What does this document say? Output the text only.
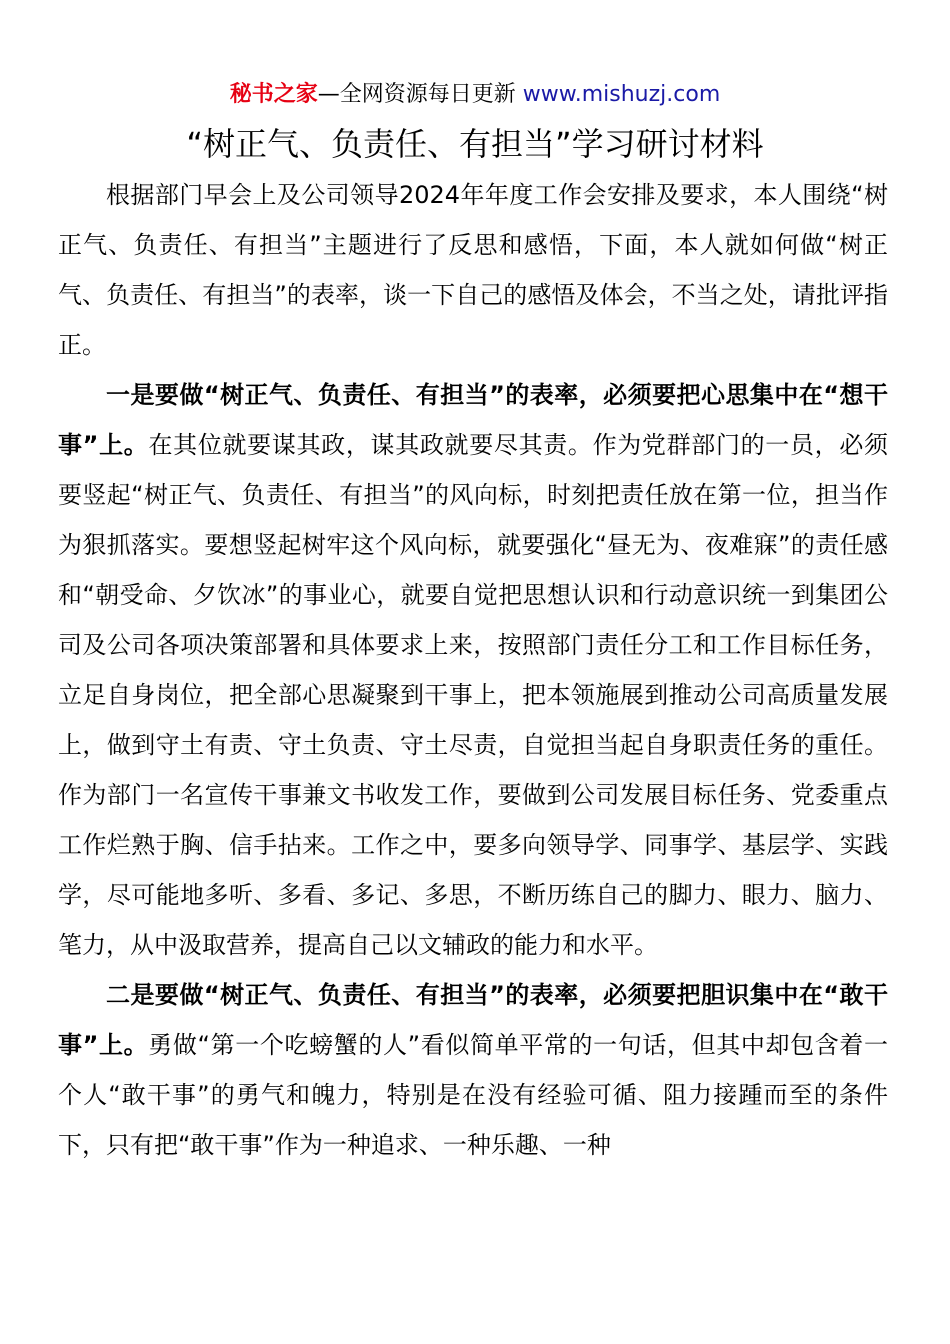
秘书之家—全网资源每日更新 www.mishuzj.com
“树正气、负责任、有担当”学习研讨材料

根据部门早会上及公司领导2024年年度工作会安排及要求，本人围绕“树正气、负责任、有担当”主题进行了反思和感悟，下面，本人就如何做“树正气、负责任、有担当”的表率，谈一下自己的感悟及体会，不当之处，请批评指正。

一是要做“树正气、负责任、有担当”的表率，必须要把心思集中在“想干事”上。在其位就要谋其政，谋其政就要尽其责。作为党群部门的一员，必须要竖起“树正气、负责任、有担当”的风向标，时刻把责任放在第一位，担当作为狠抓落实。要想竖起树牢这个风向标，就要强化“昼无为、夜难寐”的责任感和“朝受命、夕饮冰”的事业心，就要自觉把思想认识和行动意识统一到集团公司及公司各项决策部署和具体要求上来，按照部门责任分工和工作目标任务，立足自身岗位，把全部心思凝聚到干事上，把本领施展到推动公司高质量发展上，做到守土有责、守土负责、守土尽责，自觉担当起自身职责任务的重任。作为部门一名宣传干事兼文书收发工作，要做到公司发展目标任务、党委重点工作烂熟于胸、信手拈来。工作之中，要多向领导学、同事学、基层学、实践学，尽可能地多听、多看、多记、多思，不断历练自己的脚力、眼力、脑力、笔力，从中汲取营养，提高自己以文辅政的能力和水平。

二是要做“树正气、负责任、有担当”的表率，必须要把胆识集中在“敢干事”上。勇做“第一个吃螃蟹的人”看似简单平常的一句话，但其中却包含着一个人“敢干事”的勇气和魄力，特别是在没有经验可循、阻力接踵而至的条件下，只有把“敢干事”作为一种追求、一种乐趣、一种
